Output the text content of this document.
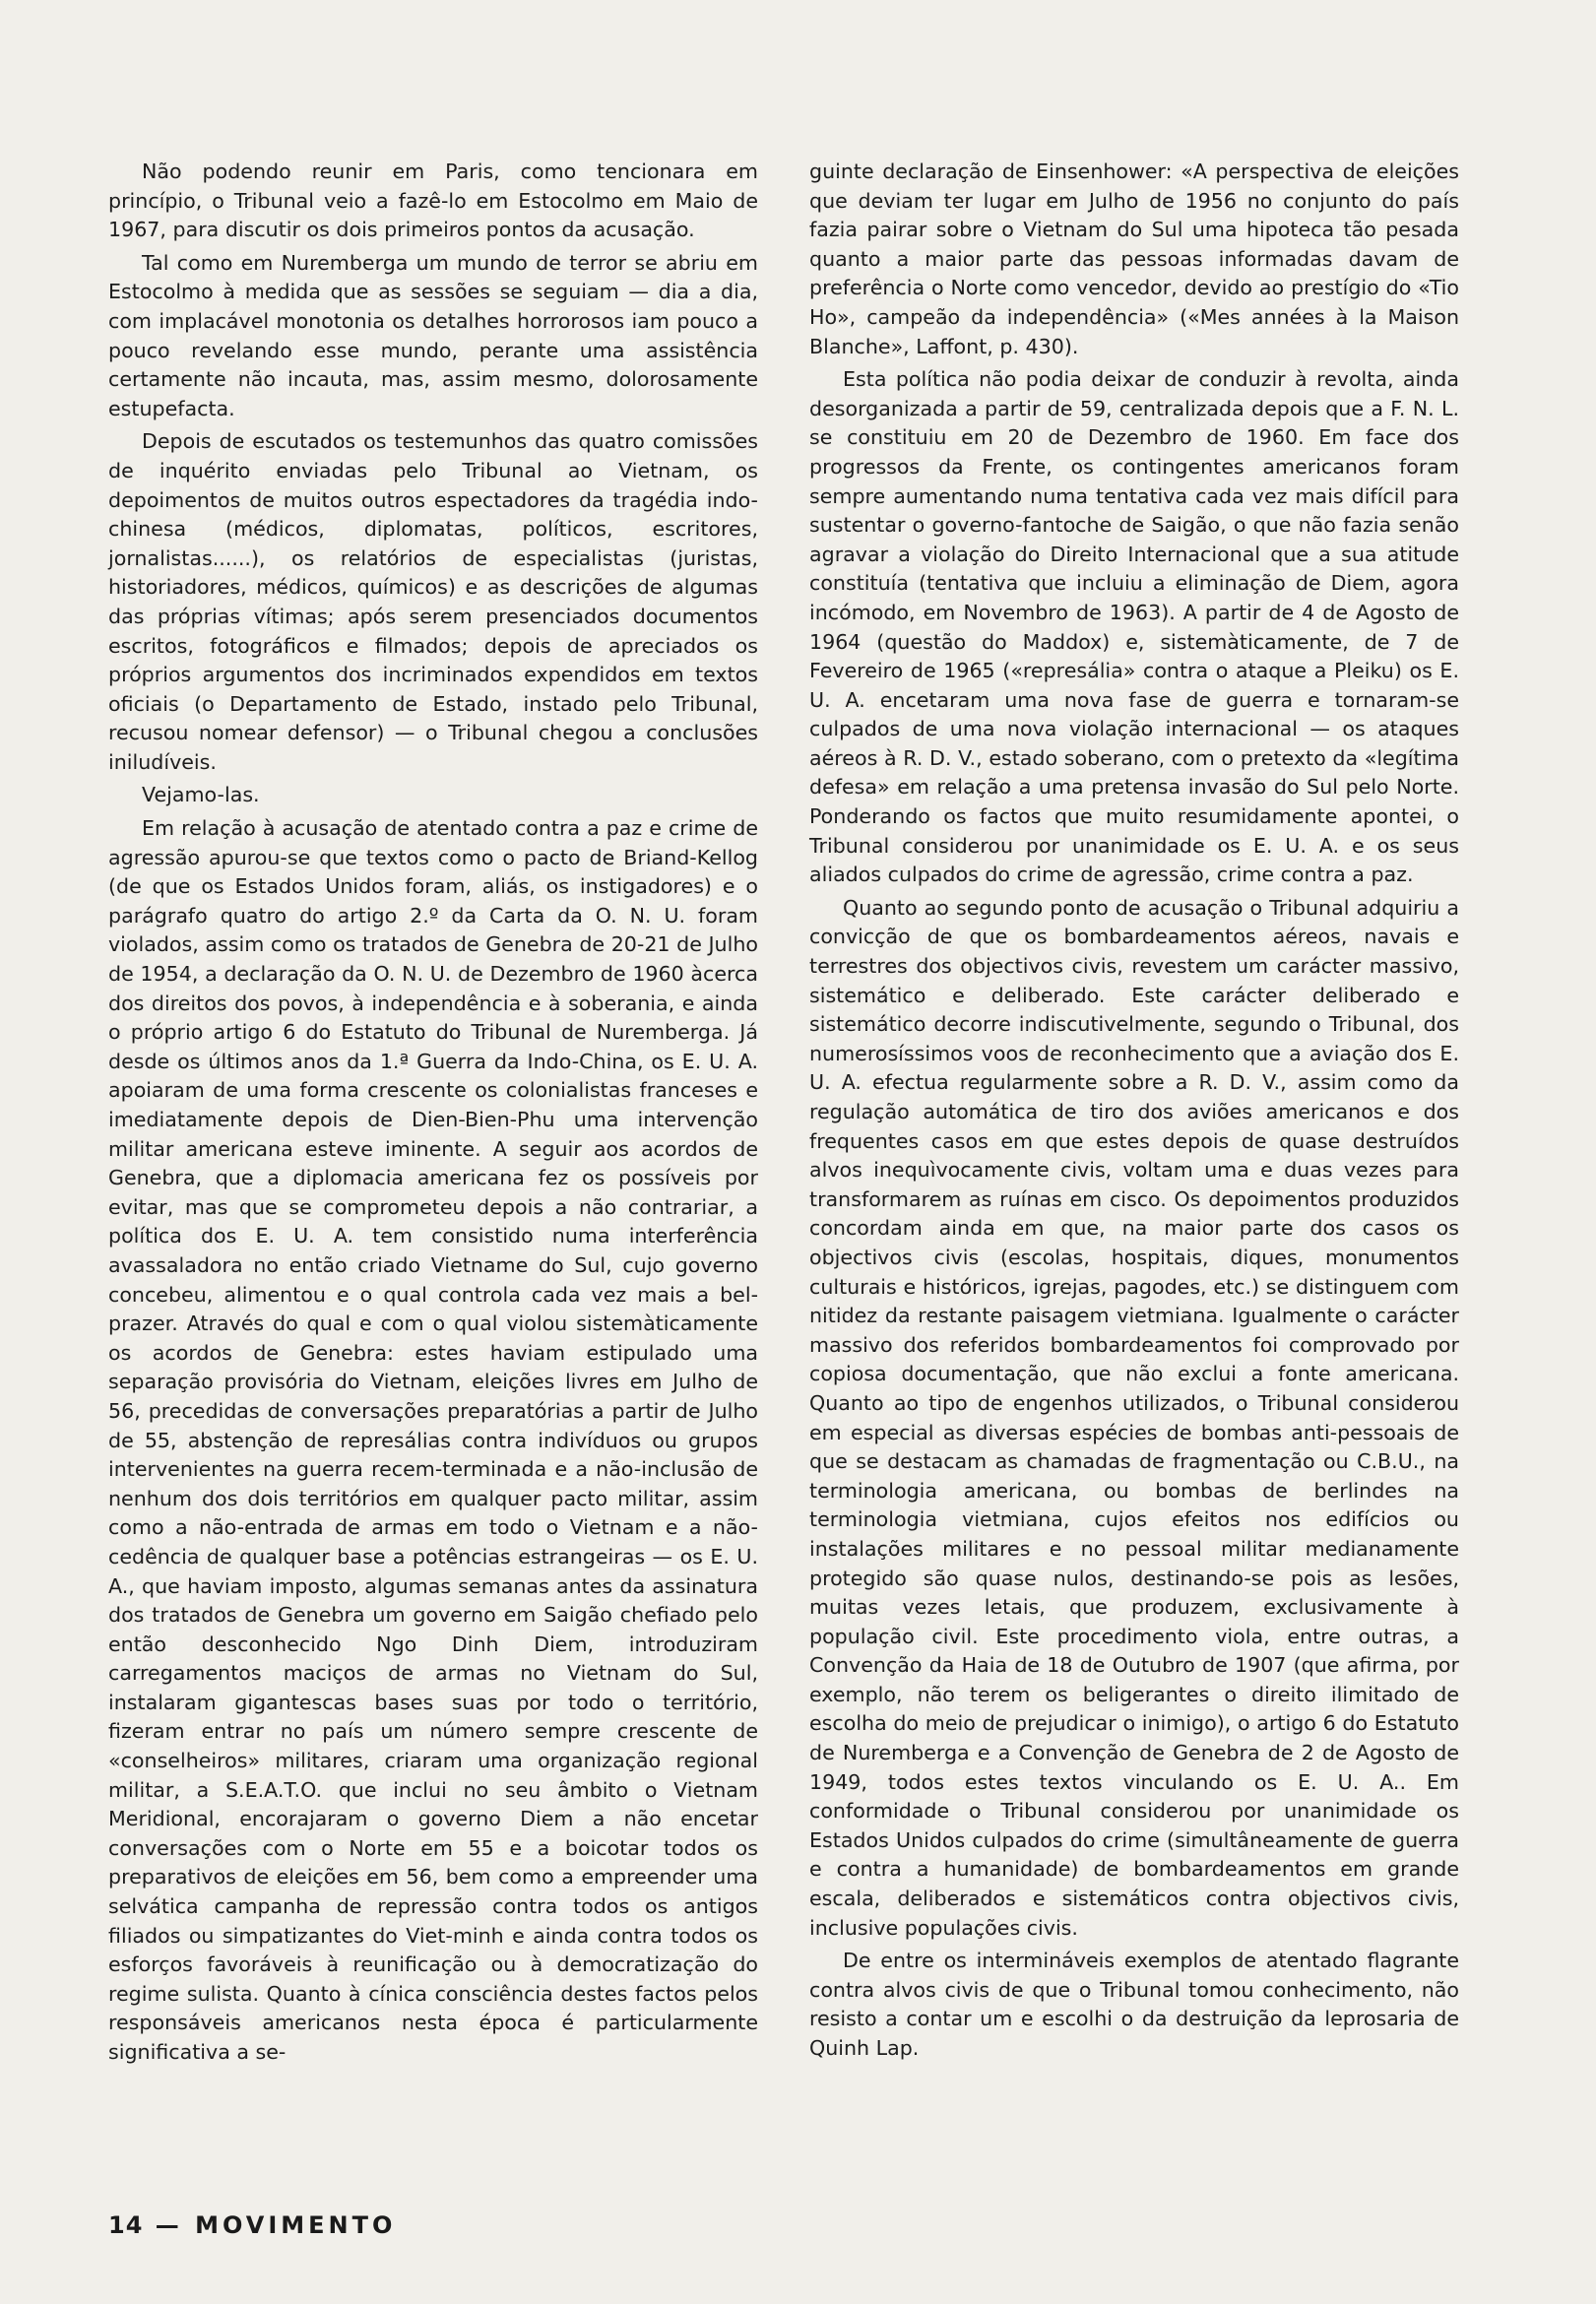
Não podendo reunir em Paris, como tencionara em princípio, o Tribunal veio a fazê-lo em Estocolmo em Maio de 1967, para discutir os dois primeiros pontos da acusação.

Tal como em Nuremberga um mundo de terror se abriu em Estocolmo à medida que as sessões se seguiam — dia a dia, com implacável monotonia os detalhes horrorosos iam pouco a pouco revelando esse mundo, perante uma assistência certamente não incauta, mas, assim mesmo, dolorosamente estupefacta.

Depois de escutados os testemunhos das quatro comissões de inquérito enviadas pelo Tribunal ao Vietnam, os depoimentos de muitos outros espectadores da tragédia indo-chinesa (médicos, diplomatas, políticos, escritores, jornalistas......), os relatórios de especialistas (juristas, historiadores, médicos, químicos) e as descrições de algumas das próprias vítimas; após serem presenciados documentos escritos, fotográficos e filmados; depois de apreciados os próprios argumentos dos incriminados expendidos em textos oficiais (o Departamento de Estado, instado pelo Tribunal, recusou nomear defensor) — o Tribunal chegou a conclusões iniludíveis.

Vejamo-las.

Em relação à acusação de atentado contra a paz e crime de agressão apurou-se que textos como o pacto de Briand-Kellog (de que os Estados Unidos foram, aliás, os instigadores) e o parágrafo quatro do artigo 2.º da Carta da O. N. U. foram violados, assim como os tratados de Genebra de 20-21 de Julho de 1954, a declaração da O. N. U. de Dezembro de 1960 àcerca dos direitos dos povos, à independência e à soberania, e ainda o próprio artigo 6 do Estatuto do Tribunal de Nuremberga. Já desde os últimos anos da 1.ª Guerra da Indo-China, os E. U. A. apoiaram de uma forma crescente os colonialistas franceses e imediatamente depois de Dien-Bien-Phu uma intervenção militar americana esteve iminente. A seguir aos acordos de Genebra, que a diplomacia americana fez os possíveis por evitar, mas que se comprometeu depois a não contrariar, a política dos E. U. A. tem consistido numa interferência avassaladora no então criado Vietname do Sul, cujo governo concebeu, alimentou e o qual controla cada vez mais a bel-prazer. Através do qual e com o qual violou sistemàticamente os acordos de Genebra: estes haviam estipulado uma separação provisória do Vietnam, eleições livres em Julho de 56, precedidas de conversações preparatórias a partir de Julho de 55, abstenção de represálias contra indivíduos ou grupos intervenientes na guerra recem-terminada e a não-inclusão de nenhum dos dois territórios em qualquer pacto militar, assim como a não-entrada de armas em todo o Vietnam e a não-cedência de qualquer base a potências estrangeiras — os E. U. A., que haviam imposto, algumas semanas antes da assinatura dos tratados de Genebra um governo em Saigão chefiado pelo então desconhecido Ngo Dinh Diem, introduziram carregamentos maciços de armas no Vietnam do Sul, instalaram gigantescas bases suas por todo o território, fizeram entrar no país um número sempre crescente de «conselheiros» militares, criaram uma organização regional militar, a S.E.A.T.O. que inclui no seu âmbito o Vietnam Meridional, encorajaram o governo Diem a não encetar conversações com o Norte em 55 e a boicotar todos os preparativos de eleições em 56, bem como a empreender uma selvática campanha de repressão contra todos os antigos filiados ou simpatizantes do Viet-minh e ainda contra todos os esforços favoráveis à reunificação ou à democratização do regime sulista. Quanto à cínica consciência destes factos pelos responsáveis americanos nesta época é particularmente significativa a se-

guinte declaração de Einsenhower: «A perspectiva de eleições que deviam ter lugar em Julho de 1956 no conjunto do país fazia pairar sobre o Vietnam do Sul uma hipoteca tão pesada quanto a maior parte das pessoas informadas davam de preferência o Norte como vencedor, devido ao prestígio do «Tio Ho», campeão da independência» («Mes années à la Maison Blanche», Laffont, p. 430).

Esta política não podia deixar de conduzir à revolta, ainda desorganizada a partir de 59, centralizada depois que a F. N. L. se constituiu em 20 de Dezembro de 1960. Em face dos progressos da Frente, os contingentes americanos foram sempre aumentando numa tentativa cada vez mais difícil para sustentar o governo-fantoche de Saigão, o que não fazia senão agravar a violação do Direito Internacional que a sua atitude constituía (tentativa que incluiu a eliminação de Diem, agora incómodo, em Novembro de 1963). A partir de 4 de Agosto de 1964 (questão do Maddox) e, sistemàticamente, de 7 de Fevereiro de 1965 («represália» contra o ataque a Pleiku) os E. U. A. encetaram uma nova fase de guerra e tornaram-se culpados de uma nova violação internacional — os ataques aéreos à R. D. V., estado soberano, com o pretexto da «legítima defesa» em relação a uma pretensa invasão do Sul pelo Norte. Ponderando os factos que muito resumidamente apontei, o Tribunal considerou por unanimidade os E. U. A. e os seus aliados culpados do crime de agressão, crime contra a paz.

Quanto ao segundo ponto de acusação o Tribunal adquiriu a convicção de que os bombardeamentos aéreos, navais e terrestres dos objectivos civis, revestem um carácter massivo, sistemático e deliberado. Este carácter deliberado e sistemático decorre indiscutivelmente, segundo o Tribunal, dos numerosíssimos voos de reconhecimento que a aviação dos E. U. A. efectua regularmente sobre a R. D. V., assim como da regulação automática de tiro dos aviões americanos e dos frequentes casos em que estes depois de quase destruídos alvos inequìvocamente civis, voltam uma e duas vezes para transformarem as ruínas em cisco. Os depoimentos produzidos concordam ainda em que, na maior parte dos casos os objectivos civis (escolas, hospitais, diques, monumentos culturais e históricos, igrejas, pagodes, etc.) se distinguem com nitidez da restante paisagem vietmiana. Igualmente o carácter massivo dos referidos bombardeamentos foi comprovado por copiosa documentação, que não exclui a fonte americana. Quanto ao tipo de engenhos utilizados, o Tribunal considerou em especial as diversas espécies de bombas anti-pessoais de que se destacam as chamadas de fragmentação ou C.B.U., na terminologia americana, ou bombas de berlindes na terminologia vietmiana, cujos efeitos nos edifícios ou instalações militares e no pessoal militar medianamente protegido são quase nulos, destinando-se pois as lesões, muitas vezes letais, que produzem, exclusivamente à população civil. Este procedimento viola, entre outras, a Convenção da Haia de 18 de Outubro de 1907 (que afirma, por exemplo, não terem os beligerantes o direito ilimitado de escolha do meio de prejudicar o inimigo), o artigo 6 do Estatuto de Nuremberga e a Convenção de Genebra de 2 de Agosto de 1949, todos estes textos vinculando os E. U. A.. Em conformidade o Tribunal considerou por unanimidade os Estados Unidos culpados do crime (simultâneamente de guerra e contra a humanidade) de bombardeamentos em grande escala, deliberados e sistemáticos contra objectivos civis, inclusive populações civis.

De entre os intermináveis exemplos de atentado flagrante contra alvos civis de que o Tribunal tomou conhecimento, não resisto a contar um e escolhi o da destruição da leprosaria de Quinh Lap.

14 — MOVIMENTO
